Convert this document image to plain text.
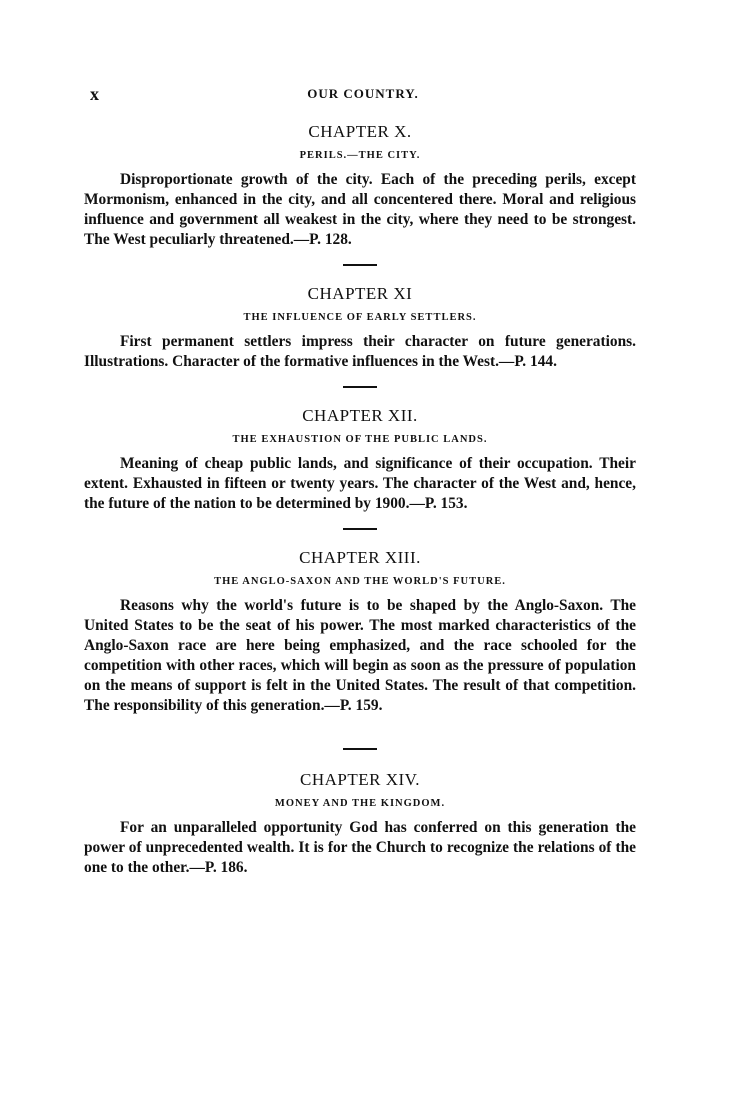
x	OUR COUNTRY.
CHAPTER X.
PERILS.—THE CITY.

Disproportionate growth of the city. Each of the preceding perils, except Mormonism, enhanced in the city, and all concentered there. Moral and religious influence and government all weakest in the city, where they need to be strongest. The West peculiarly threatened.—P. 128.

CHAPTER XI
THE INFLUENCE OF EARLY SETTLERS.

First permanent settlers impress their character on future generations. Illustrations. Character of the formative influences in the West.—P. 144.

CHAPTER XII.
THE EXHAUSTION OF THE PUBLIC LANDS.

Meaning of cheap public lands, and significance of their occupation. Their extent. Exhausted in fifteen or twenty years. The character of the West and, hence, the future of the nation to be determined by 1900.—P. 153.

CHAPTER XIII.
THE ANGLO-SAXON AND THE WORLD'S FUTURE.

Reasons why the world's future is to be shaped by the Anglo-Saxon. The United States to be the seat of his power. The most marked characteristics of the Anglo-Saxon race are here being emphasized, and the race schooled for the competition with other races, which will begin as soon as the pressure of population on the means of support is felt in the United States. The result of that competition. The responsibility of this generation.—P. 159.

CHAPTER XIV.
MONEY AND THE KINGDOM.

For an unparalleled opportunity God has conferred on this generation the power of unprecedented wealth. It is for the Church to recognize the relations of the one to the other.—P. 186.
